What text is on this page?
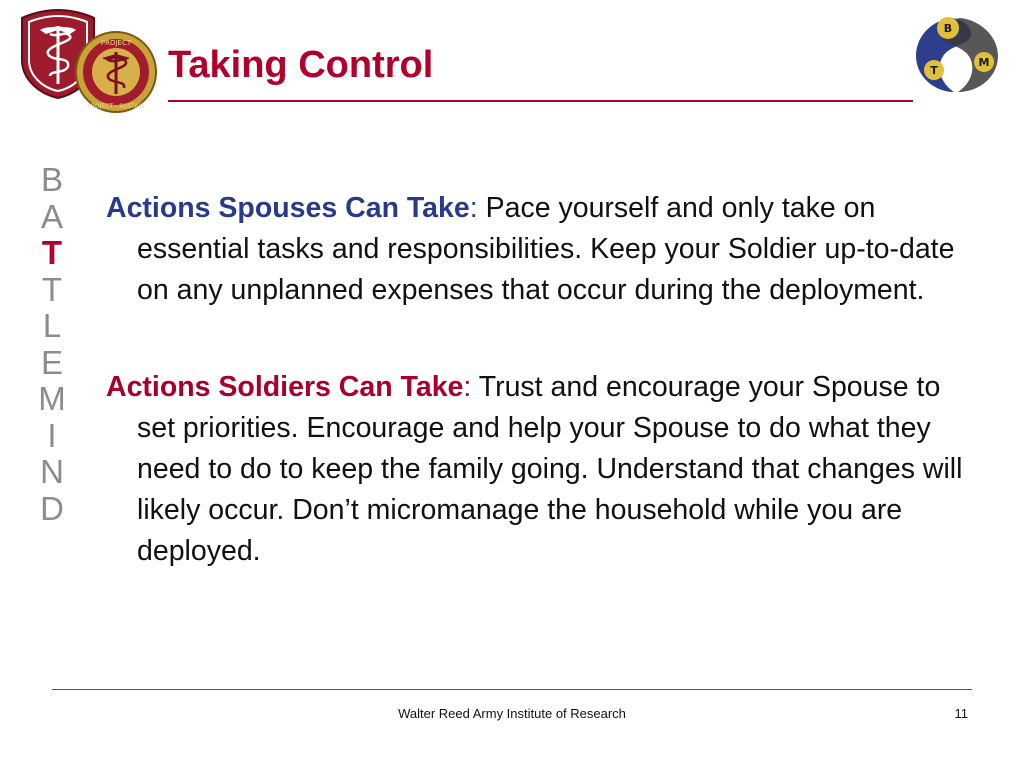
PROJECT
PROJECT - SUSTAIN
Taking Control
B
T
M
B
A
T
T
L
E
M
I
N
D

Actions Spouses Can Take: Pace yourself and only take on essential tasks and responsibilities. Keep your Soldier up-to-date on any unplanned expenses that occur during the deployment.

Actions Soldiers Can Take: Trust and encourage your Spouse to set priorities. Encourage and help your Spouse to do what they need to do to keep the family going. Understand that changes will likely occur. Don’t micromanage the household while you are deployed.

Walter Reed Army Institute of Research	11
